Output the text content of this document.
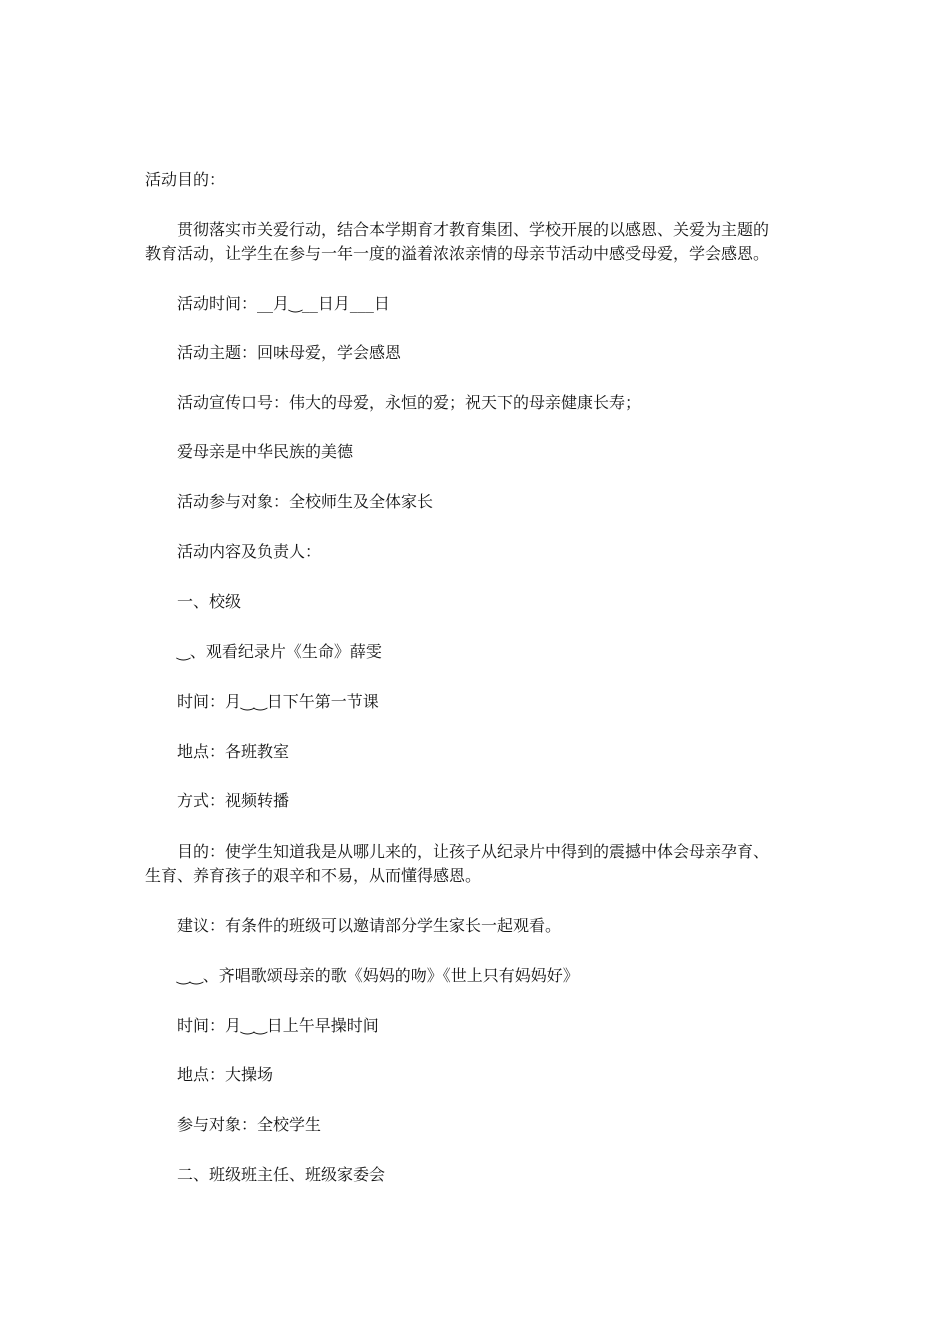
活动目的：
贯彻落实市关爱行动，结合本学期育才教育集团、学校开展的以感恩、关爱为主题的
教育活动，让学生在参与一年一度的溢着浓浓亲情的母亲节活动中感受母爱，学会感恩。
活动时间：__月‿__日月___日
活动主题：回味母爱，学会感恩
活动宣传口号：伟大的母爱，永恒的爱；祝天下的母亲健康长寿；
爱母亲是中华民族的美德
活动参与对象：全校师生及全体家长
活动内容及负责人：
一、校级
‿、观看纪录片《生命》薛雯
时间：月‿‿日下午第一节课
地点：各班教室
方式：视频转播
目的：使学生知道我是从哪儿来的，让孩子从纪录片中得到的震撼中体会母亲孕育、
生育、养育孩子的艰辛和不易，从而懂得感恩。
建议：有条件的班级可以邀请部分学生家长一起观看。
‿‿、齐唱歌颂母亲的歌《妈妈的吻》《世上只有妈妈好》
时间：月‿‿日上午早操时间
地点：大操场
参与对象：全校学生
二、班级班主任、班级家委会
